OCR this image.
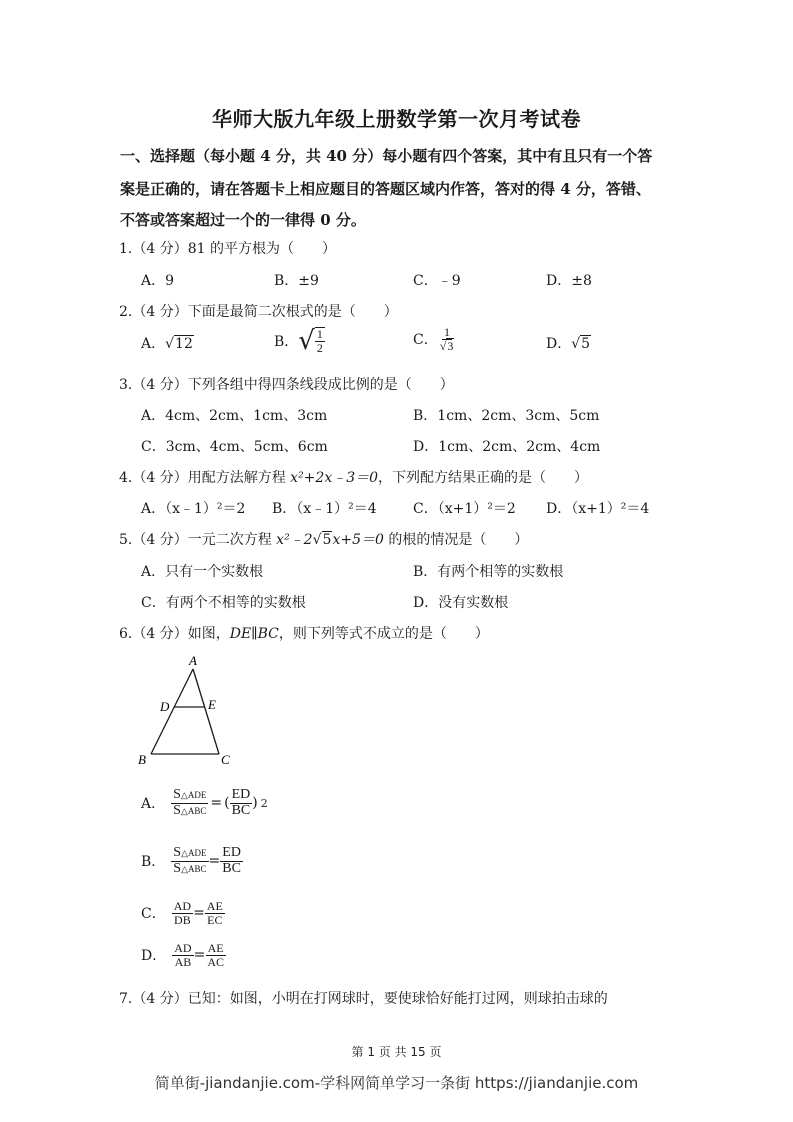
华师大版九年级上册数学第一次月考试卷
一、选择题（每小题 4 分，共 40 分）每小题有四个答案，其中有且只有一个答
案是正确的，请在答题卡上相应题目的答题区域内作答，答对的得 4 分，答错、
不答或答案超过一个的一律得 0 分。
1.（4 分）81 的平方根为（　　）
A．9	B．±9	C．﹣9	D．±8
2.（4 分）下面是最简二次根式的是（　　）
A．√12	B．√ $\frac{1}{2}$	C． $\frac{1}{√3}$	D．√5
3.（4 分）下列各组中得四条线段成比例的是（　　）
A．4cm、2cm、1cm、3cm	B．1cm、2cm、3cm、5cm
C．3cm、4cm、5cm、6cm	D．1cm、2cm、2cm、4cm
4.（4 分）用配方法解方程 x²+2x﹣3＝0，下列配方结果正确的是（　　）
A．（x﹣1）²＝2 B．（x﹣1）²＝4	C．（x+1）²＝2 D．（x+1）²＝4
5.（4 分）一元二次方程 x²﹣2√5x+5＝0 的根的情况是（　　）
A．只有一个实数根	B．有两个相等的实数根
C．有两个不相等的实数根	D．没有实数根
6.（4 分）如图，DE∥BC，则下列等式不成立的是（　　）
A
D	E
B	C
A． $\frac{\text{S△ADE}}{\text{S△ABC}}$ = ( $\frac{ED}{BC}$ ) 2
B． $\frac{\text{S△ADE}}{\text{S△ABC}} = \frac{ED}{BC}$
C． $\frac{AD}{DB} = \frac{AE}{EC}$
D． $\frac{AD}{AB} = \frac{AE}{AC}$
7.（4 分）已知：如图，小明在打网球时，要使球恰好能打过网，则球拍击球的
第 1 页 共 15 页
简单街-jiandanjie.com-学科网简单学习一条街 https://jiandanjie.com
